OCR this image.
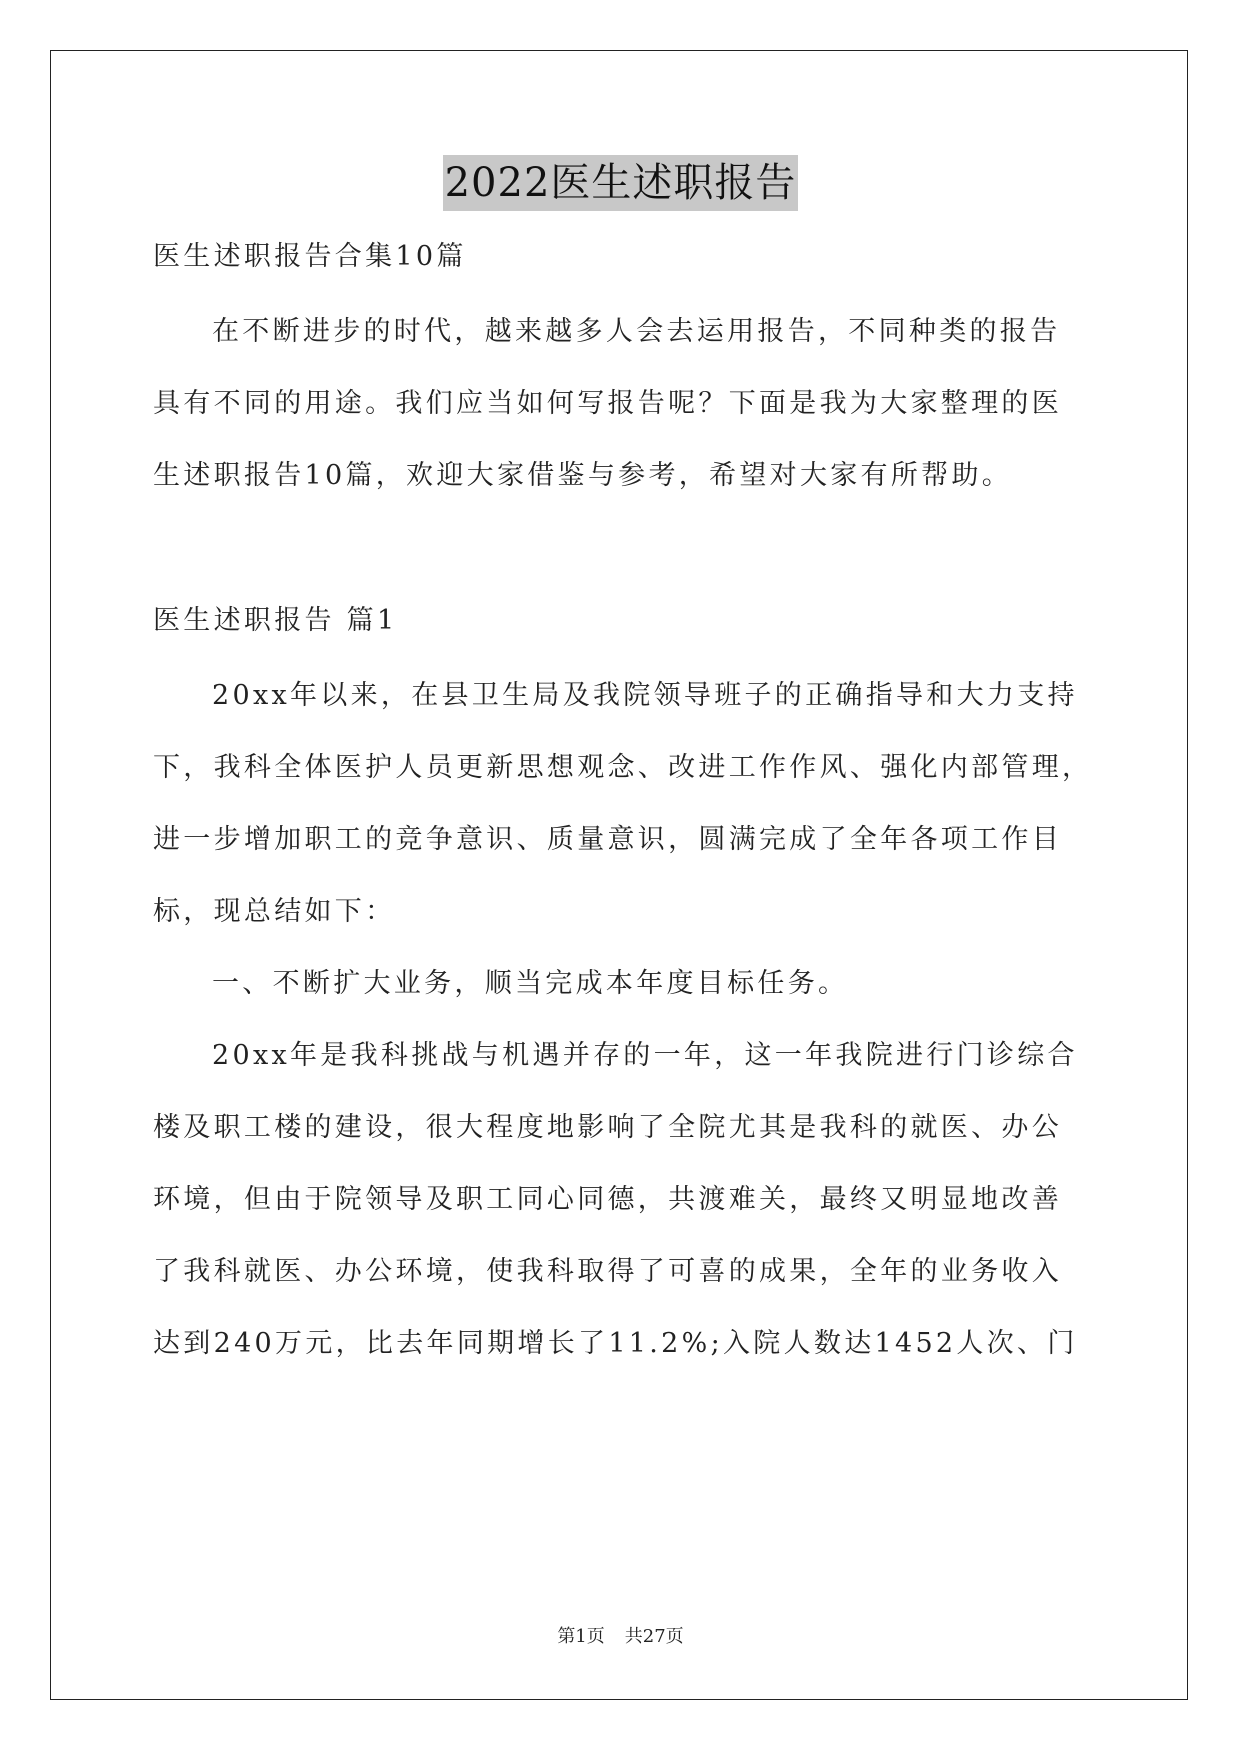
2022医生述职报告
医生述职报告合集10篇
在不断进步的时代，越来越多人会去运用报告，不同种类的报告
具有不同的用途。我们应当如何写报告呢？下面是我为大家整理的医
生述职报告10篇，欢迎大家借鉴与参考，希望对大家有所帮助。
医生述职报告 篇1
20xx年以来，在县卫生局及我院领导班子的正确指导和大力支持
下，我科全体医护人员更新思想观念、改进工作作风、强化内部管理，
进一步增加职工的竞争意识、质量意识，圆满完成了全年各项工作目
标，现总结如下：
一、不断扩大业务，顺当完成本年度目标任务。
20xx年是我科挑战与机遇并存的一年，这一年我院进行门诊综合
楼及职工楼的建设，很大程度地影响了全院尤其是我科的就医、办公
环境，但由于院领导及职工同心同德，共渡难关，最终又明显地改善
了我科就医、办公环境，使我科取得了可喜的成果，全年的业务收入
达到240万元，比去年同期增长了11.2%;入院人数达1452人次、门
第1页 共27页
